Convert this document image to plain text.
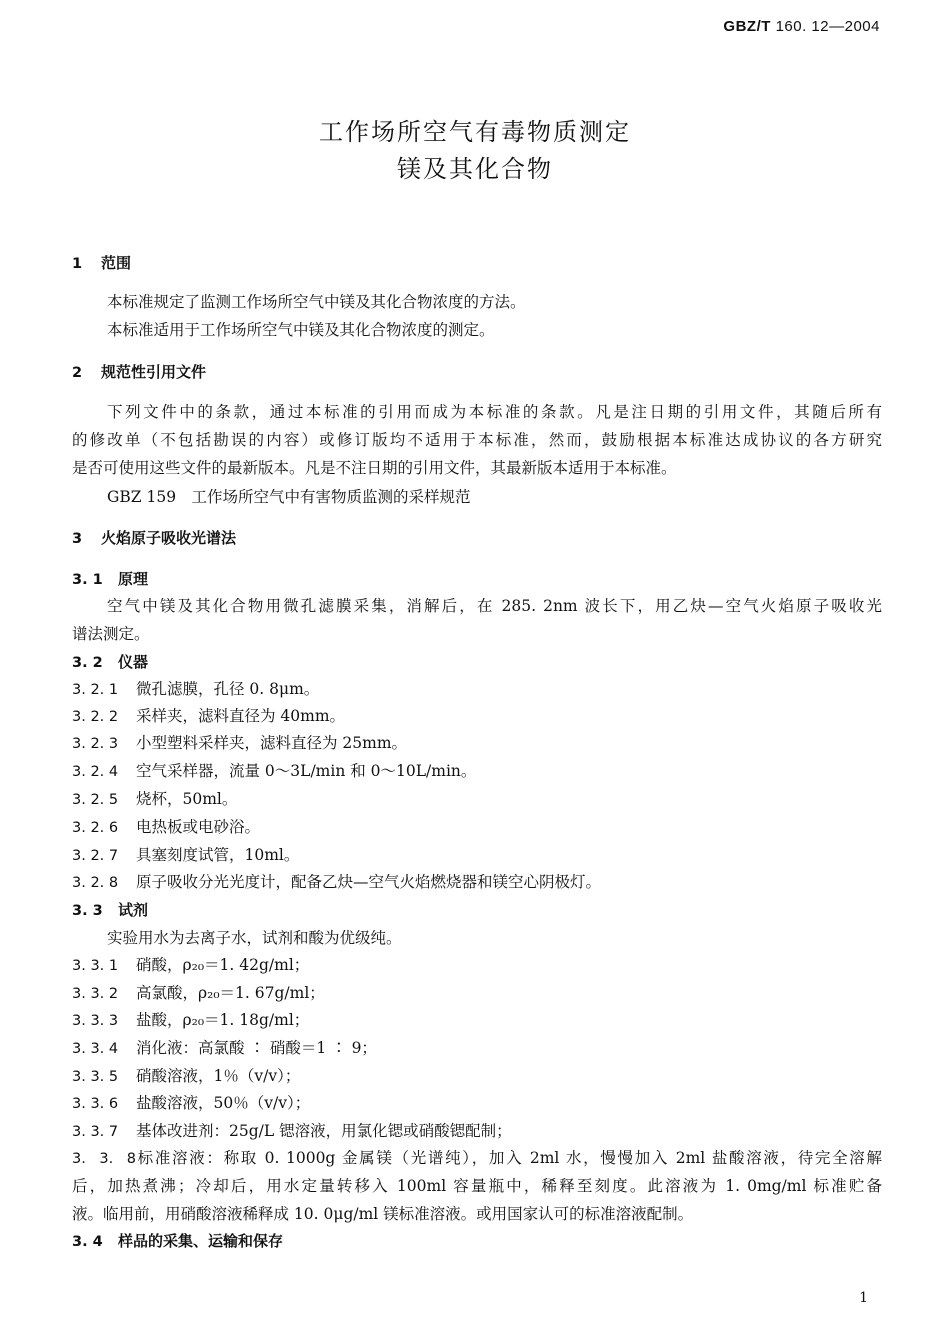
GBZ/T 160. 12—2004
工作场所空气有毒物质测定
镁及其化合物
1 范围
本标准规定了监测工作场所空气中镁及其化合物浓度的方法。
本标准适用于工作场所空气中镁及其化合物浓度的测定。
2 规范性引用文件
下列文件中的条款，通过本标准的引用而成为本标准的条款。凡是注日期的引用文件，其随后所有
的修改单（不包括勘误的内容）或修订版均不适用于本标准，然而，鼓励根据本标准达成协议的各方研究
是否可使用这些文件的最新版本。凡是不注日期的引用文件，其最新版本适用于本标准。
GBZ 159　工作场所空气中有害物质监测的采样规范
3 火焰原子吸收光谱法
3. 1 原理
空气中镁及其化合物用微孔滤膜采集，消解后，在 285. 2nm 波长下，用乙炔—空气火焰原子吸收光
谱法测定。
3. 2 仪器
3. 2. 1 微孔滤膜，孔径 0. 8μm。
3. 2. 2 采样夹，滤料直径为 40mm。
3. 2. 3 小型塑料采样夹，滤料直径为 25mm。
3. 2. 4 空气采样器，流量 0～3L/min 和 0～10L/min。
3. 2. 5 烧杯，50ml。
3. 2. 6 电热板或电砂浴。
3. 2. 7 具塞刻度试管，10ml。
3. 2. 8 原子吸收分光光度计，配备乙炔—空气火焰燃烧器和镁空心阴极灯。
3. 3 试剂
实验用水为去离子水，试剂和酸为优级纯。
3. 3. 1 硝酸，ρ₂₀＝1. 42g/ml；
3. 3. 2 高氯酸，ρ₂₀＝1. 67g/ml；
3. 3. 3 盐酸，ρ₂₀＝1. 18g/ml；
3. 3. 4 消化液：高氯酸 ∶ 硝酸＝1 ∶ 9；
3. 3. 5 硝酸溶液，1％（v/v）；
3. 3. 6 盐酸溶液，50％（v/v）；
3. 3. 7 基体改进剂：25g/L 锶溶液，用氯化锶或硝酸锶配制；
3. 3. 8标准溶液：称取 0. 1000g 金属镁（光谱纯），加入 2ml 水，慢慢加入 2ml 盐酸溶液，待完全溶解
后，加热煮沸；冷却后，用水定量转移入 100ml 容量瓶中，稀释至刻度。此溶液为 1. 0mg/ml 标准贮备
液。临用前，用硝酸溶液稀释成 10. 0μg/ml 镁标准溶液。或用国家认可的标准溶液配制。
3. 4 样品的采集、运输和保存
1
